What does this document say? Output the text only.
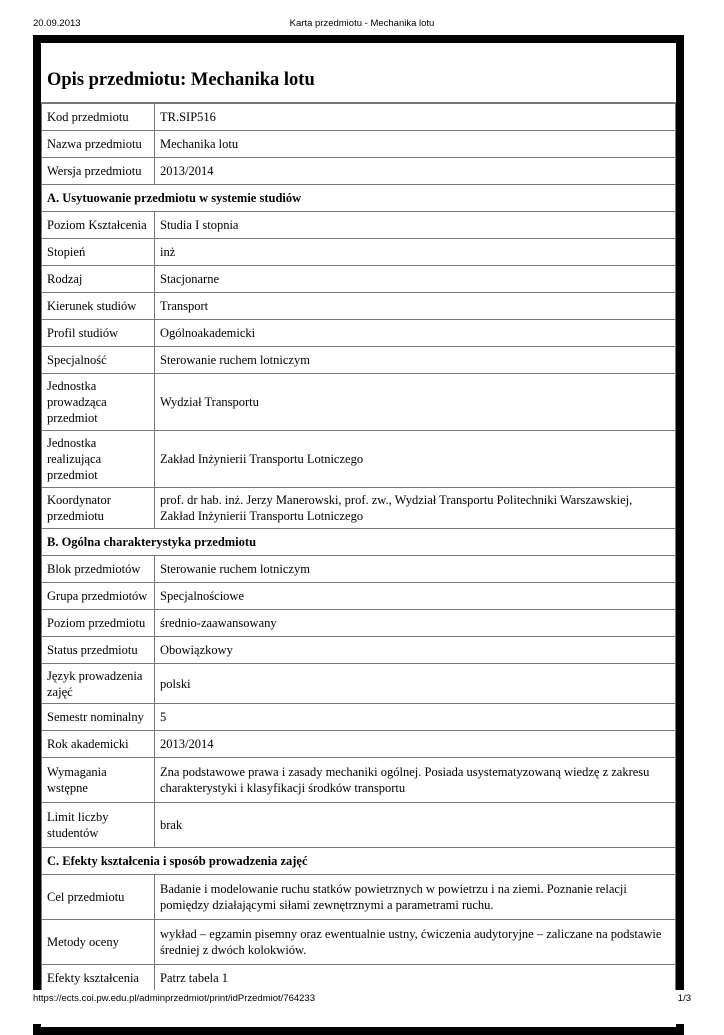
20.09.2013	Karta przedmiotu - Mechanika lotu
Opis przedmiotu: Mechanika lotu
Kod przedmiotu	TR.SIP516
Nazwa przedmiotu	Mechanika lotu
Wersja przedmiotu	2013/2014
A. Usytuowanie przedmiotu w systemie studiów	
Poziom Kształcenia	Studia I stopnia
Stopień	inż
Rodzaj	Stacjonarne
Kierunek studiów	Transport
Profil studiów	Ogólnoakademicki
Specjalność	Sterowanie ruchem lotniczym
Jednostka prowadząca przedmiot	Wydział Transportu
Jednostka realizująca przedmiot	Zakład Inżynierii Transportu Lotniczego
Koordynator przedmiotu	prof. dr hab. inż. Jerzy Manerowski, prof. zw., Wydział Transportu Politechniki Warszawskiej, Zakład Inżynierii Transportu Lotniczego
B. Ogólna charakterystyka przedmiotu	
Blok przedmiotów	Sterowanie ruchem lotniczym
Grupa przedmiotów	Specjalnościowe
Poziom przedmiotu	średnio-zaawansowany
Status przedmiotu	Obowiązkowy
Język prowadzenia zajęć	polski
Semestr nominalny	5
Rok akademicki	2013/2014
Wymagania wstępne	Zna podstawowe prawa i zasady mechaniki ogólnej. Posiada usystematyzowaną wiedzę z zakresu charakterystyki i klasyfikacji środków transportu
Limit liczby studentów	brak
C. Efekty kształcenia i sposób prowadzenia zajęć	
Cel przedmiotu	Badanie i modelowanie ruchu statków powietrznych w powietrzu i na ziemi. Poznanie relacji pomiędzy działającymi siłami zewnętrznymi a parametrami ruchu.
Metody oceny	wykład – egzamin pisemny oraz ewentualnie ustny, ćwiczenia audytoryjne – zaliczane na podstawie średniej z dwóch kolokwiów.
Efekty kształcenia	Patrz tabela 1
https://ects.coi.pw.edu.pl/adminprzedmiot/print/idPrzedmiot/764233	1/3
